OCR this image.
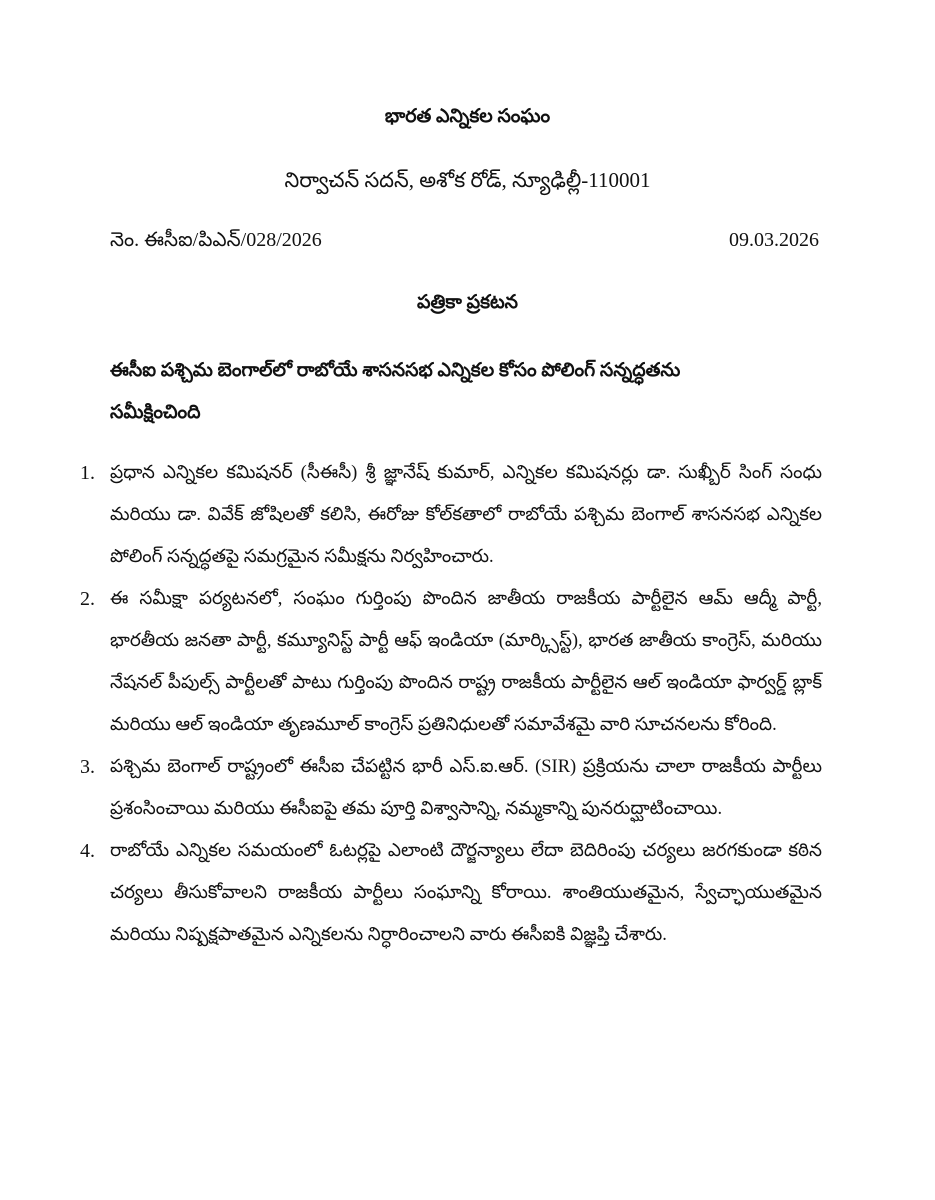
భారత ఎన్నికల సంఘం
నిర్వాచన్ సదన్, అశోక రోడ్, న్యూఢిల్లీ-110001
నెం. ఈసీఐ/పిఎన్/028/2026	09.03.2026
పత్రికా ప్రకటన
ఈసీఐ పశ్చిమ బెంగాల్‌లో రాబోయే శాసనసభ ఎన్నికల కోసం పోలింగ్ సన్నద్ధతను సమీక్షించింది
1. ప్రధాన ఎన్నికల కమిషనర్ (సీఈసీ) శ్రీ జ్ఞానేష్ కుమార్, ఎన్నికల కమిషనర్లు డా. సుఖ్బీర్ సింగ్ సంధు మరియు డా. వివేక్ జోషిలతో కలిసి, ఈరోజు కోల్‌కతాలో రాబోయే పశ్చిమ బెంగాల్ శాసనసభ ఎన్నికల పోలింగ్ సన్నద్ధతపై సమగ్రమైన సమీక్షను నిర్వహించారు.
2. ఈ సమీక్షా పర్యటనలో, సంఘం గుర్తింపు పొందిన జాతీయ రాజకీయ పార్టీలైన ఆమ్ ఆద్మీ పార్టీ, భారతీయ జనతా పార్టీ, కమ్యూనిస్ట్ పార్టీ ఆఫ్ ఇండియా (మార్క్సిస్ట్), భారత జాతీయ కాంగ్రెస్, మరియు నేషనల్ పీపుల్స్ పార్టీలతో పాటు గుర్తింపు పొందిన రాష్ట్ర రాజకీయ పార్టీలైన ఆల్ ఇండియా ఫార్వర్డ్ బ్లాక్ మరియు ఆల్ ఇండియా తృణమూల్ కాంగ్రెస్ ప్రతినిధులతో సమావేశమై వారి సూచనలను కోరింది.
3. పశ్చిమ బెంగాల్ రాష్ట్రంలో ఈసీఐ చేపట్టిన భారీ ఎస్.ఐ.ఆర్. (SIR) ప్రక్రియను చాలా రాజకీయ పార్టీలు ప్రశంసించాయి మరియు ఈసీఐపై తమ పూర్తి విశ్వాసాన్ని, నమ్మకాన్ని పునరుద్ఘాటించాయి.
4. రాబోయే ఎన్నికల సమయంలో ఓటర్లపై ఎలాంటి దౌర్జన్యాలు లేదా బెదిరింపు చర్యలు జరగకుండా కఠిన చర్యలు తీసుకోవాలని రాజకీయ పార్టీలు సంఘాన్ని కోరాయి. శాంతియుతమైన, స్వేచ్ఛాయుతమైన మరియు నిష్పక్షపాతమైన ఎన్నికలను నిర్ధారించాలని వారు ఈసీఐకి విజ్ఞప్తి చేశారు.
